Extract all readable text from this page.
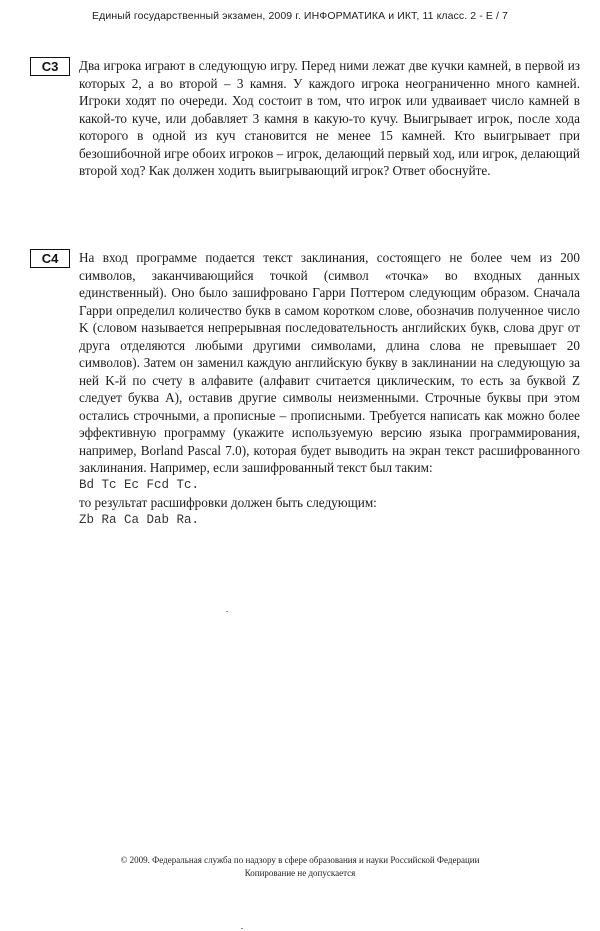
Единый государственный экзамен, 2009 г. ИНФОРМАТИКА и ИКТ, 11 класс. 2 - Е / 7
С3	Два игрока играют в следующую игру. Перед ними лежат две кучки камней, в первой из которых 2, а во второй – 3 камня. У каждого игрока неограниченно много камней. Игроки ходят по очереди. Ход состоит в том, что игрок или удваивает число камней в какой-то куче, или добавляет 3 камня в какую-то кучу. Выигрывает игрок, после хода которого в одной из куч становится не менее 15 камней. Кто выигрывает при безошибочной игре обоих игроков – игрок, делающий первый ход, или игрок, делающий второй ход? Как должен ходить выигрывающий игрок? Ответ обоснуйте.

С4	На вход программе подается текст заклинания, состоящего не более чем из 200 символов, заканчивающийся точкой (символ «точка» во входных данных единственный). Оно было зашифровано Гарри Поттером следующим образом. Сначала Гарри определил количество букв в самом коротком слове, обозначив полученное число K (словом называется непрерывная последовательность английских букв, слова друг от друга отделяются любыми другими символами, длина слова не превышает 20 символов). Затем он заменил каждую английскую букву в заклинании на следующую за ней K-й по счету в алфавите (алфавит считается циклическим, то есть за буквой Z следует буква A), оставив другие символы неизменными. Строчные буквы при этом остались строчными, а прописные – прописными. Требуется написать как можно более эффективную программу (укажите используемую версию языка программирования, например, Borland Pascal 7.0), которая будет выводить на экран текст расшифрованного заклинания. Например, если зашифрованный текст был таким:

Bd Tc Ec Fcd Tc.
то результат расшифровки должен быть следующим:
Zb Ra Ca Dab Ra.
© 2009. Федеральная служба по надзору в сфере образования и науки Российской Федерации
Копирование не допускается
